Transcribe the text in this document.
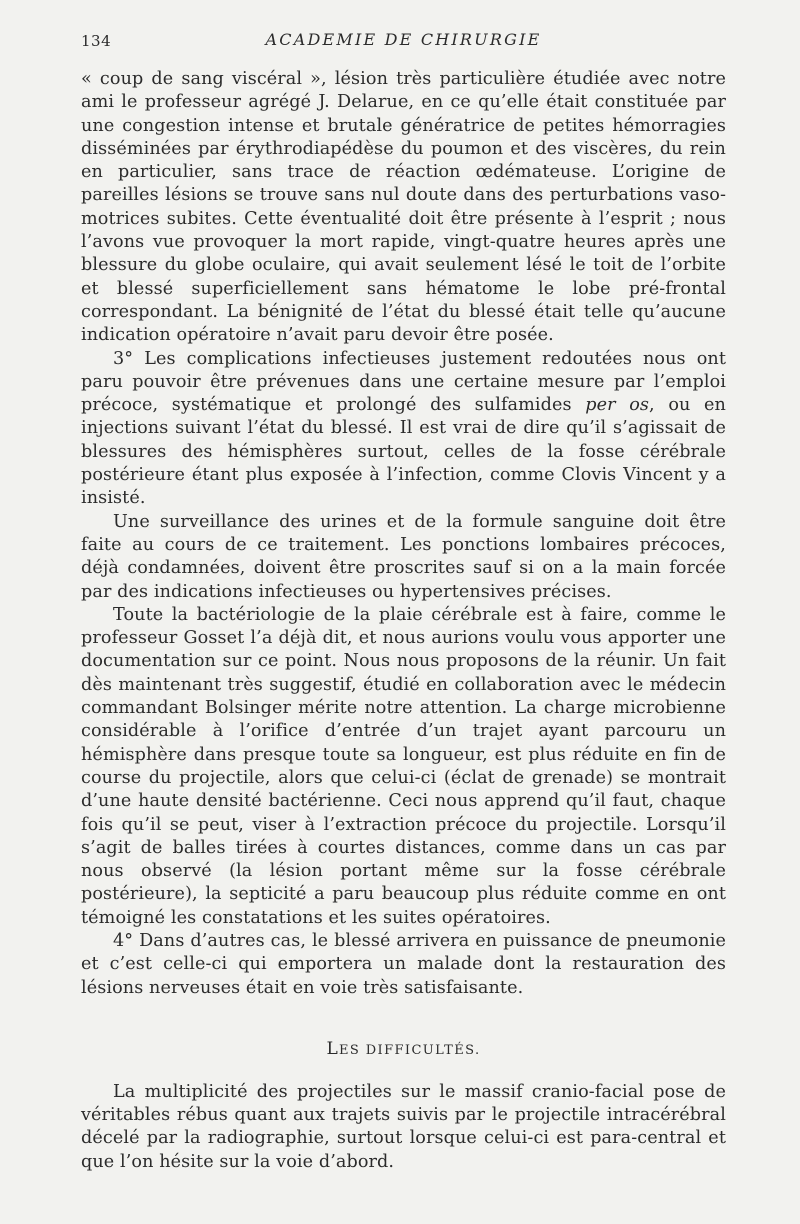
134	ACADEMIE DE CHIRURGIE

« coup de sang viscéral », lésion très particulière étudiée avec notre ami le professeur agrégé J. Delarue, en ce qu’elle était constituée par une congestion intense et brutale génératrice de petites hémorragies disséminées par érythrodiapédèse du poumon et des viscères, du rein en particulier, sans trace de réaction œdémateuse. L’origine de pareilles lésions se trouve sans nul doute dans des perturbations vaso-motrices subites. Cette éventualité doit être présente à l’esprit ; nous l’avons vue provoquer la mort rapide, vingt-quatre heures après une blessure du globe oculaire, qui avait seulement lésé le toit de l’orbite et blessé superficiellement sans hématome le lobe pré-frontal correspondant. La bénignité de l’état du blessé était telle qu’aucune indication opératoire n’avait paru devoir être posée.

3° Les complications infectieuses justement redoutées nous ont paru pouvoir être prévenues dans une certaine mesure par l’emploi précoce, systématique et prolongé des sulfamides per os, ou en injections suivant l’état du blessé. Il est vrai de dire qu’il s’agissait de blessures des hémisphères surtout, celles de la fosse cérébrale postérieure étant plus exposée à l’infection, comme Clovis Vincent y a insisté.

Une surveillance des urines et de la formule sanguine doit être faite au cours de ce traitement. Les ponctions lombaires précoces, déjà condamnées, doivent être proscrites sauf si on a la main forcée par des indications infectieuses ou hypertensives précises.

Toute la bactériologie de la plaie cérébrale est à faire, comme le professeur Gosset l’a déjà dit, et nous aurions voulu vous apporter une documentation sur ce point. Nous nous proposons de la réunir. Un fait dès maintenant très suggestif, étudié en collaboration avec le médecin commandant Bolsinger mérite notre attention. La charge microbienne considérable à l’orifice d’entrée d’un trajet ayant parcouru un hémisphère dans presque toute sa longueur, est plus réduite en fin de course du projectile, alors que celui-ci (éclat de grenade) se montrait d’une haute densité bactérienne. Ceci nous apprend qu’il faut, chaque fois qu’il se peut, viser à l’extraction précoce du projectile. Lorsqu’il s’agit de balles tirées à courtes distances, comme dans un cas par nous observé (la lésion portant même sur la fosse cérébrale postérieure), la septicité a paru beaucoup plus réduite comme en ont témoigné les constatations et les suites opératoires.

4° Dans d’autres cas, le blessé arrivera en puissance de pneumonie et c’est celle-ci qui emportera un malade dont la restauration des lésions nerveuses était en voie très satisfaisante.

LES DIFFICULTÉS.

La multiplicité des projectiles sur le massif cranio-facial pose de véritables rébus quant aux trajets suivis par le projectile intracérébral décelé par la radiographie, surtout lorsque celui-ci est para-central et que l’on hésite sur la voie d’abord.
